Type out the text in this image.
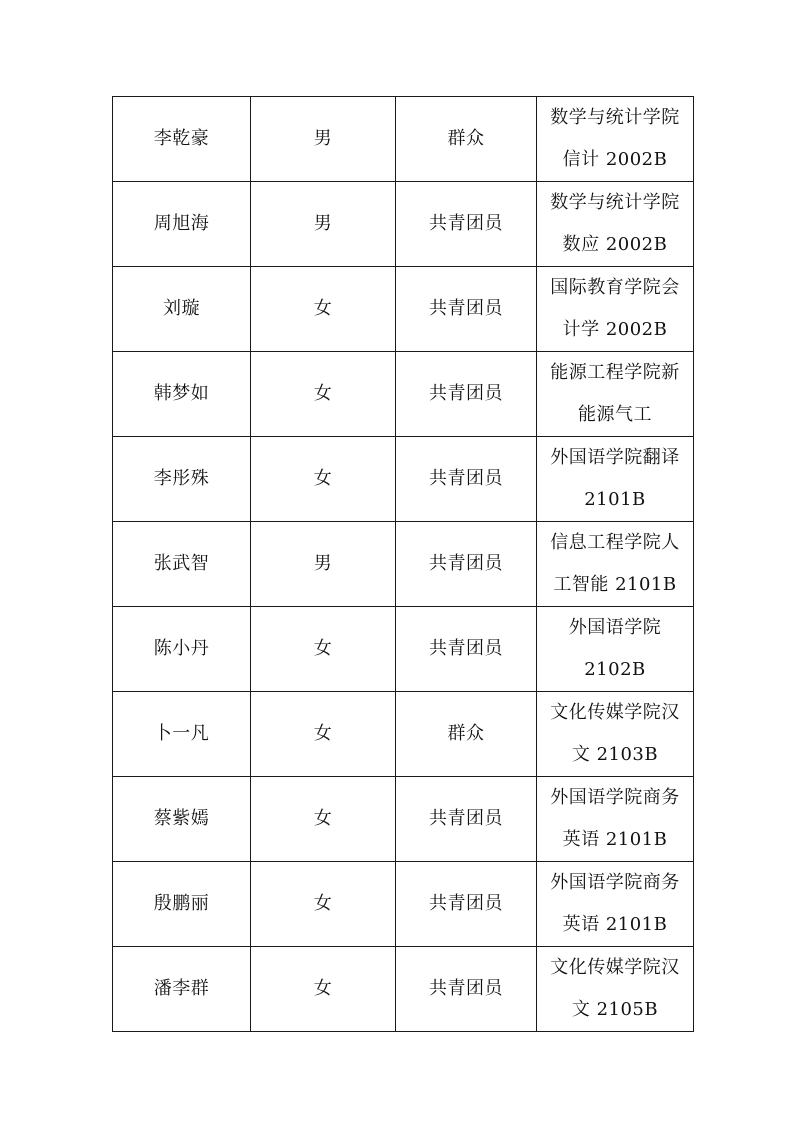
李乾豪	男	群众	数学与统计学院
信计 2002B

周旭海	男	共青团员	数学与统计学院
数应 2002B

刘璇	女	共青团员	国际教育学院会
计学 2002B

韩梦如	女	共青团员	能源工程学院新
能源气工

李彤殊	女	共青团员	外国语学院翻译
2101B

张武智	男	共青团员	信息工程学院人
工智能 2101B

陈小丹	女	共青团员	外国语学院
2102B

卜一凡	女	群众	文化传媒学院汉
文 2103B

蔡紫嫣	女	共青团员	外国语学院商务
英语 2101B

殷鹏丽	女	共青团员	外国语学院商务
英语 2101B

潘李群	女	共青团员	文化传媒学院汉
文 2105B
